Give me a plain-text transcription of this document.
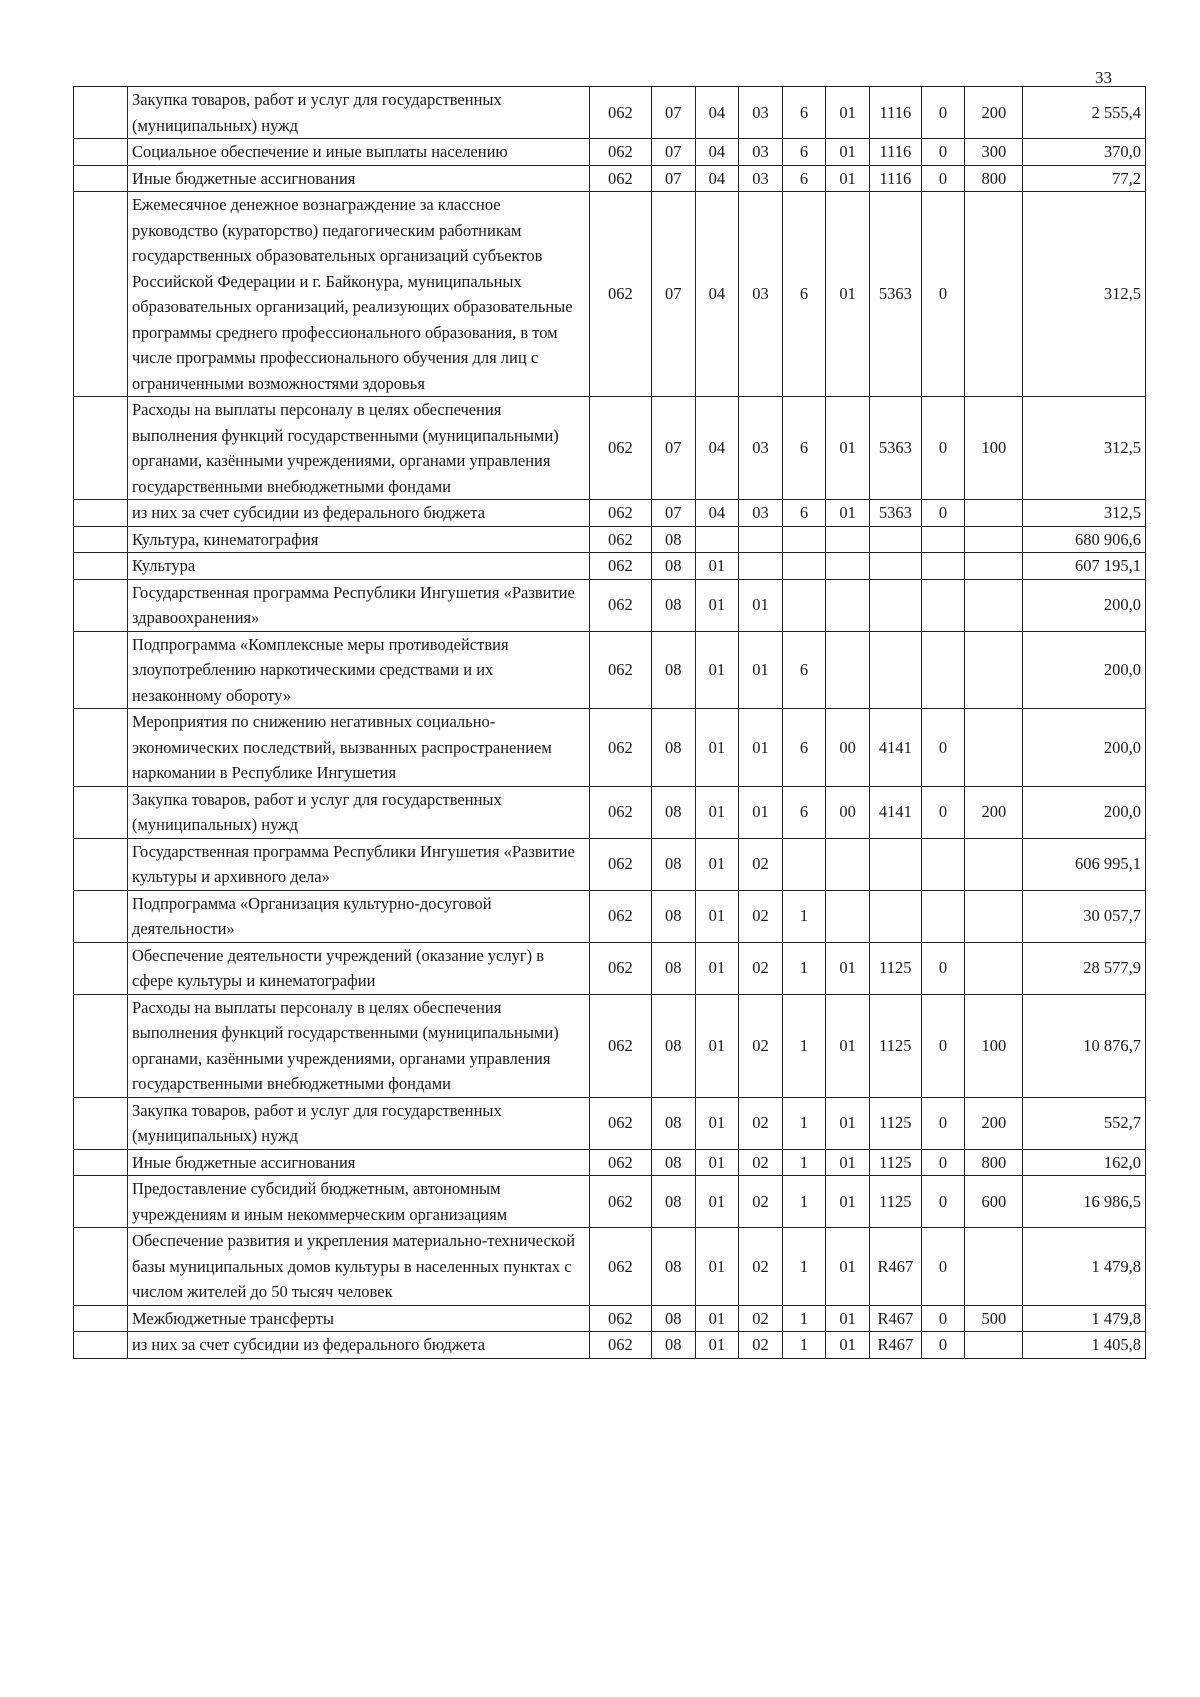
33
	Закупка товаров, работ и услуг для государственных (муниципальных) нужд	062	07	04	03	6	01	1116	0	200	2 555,4
	Социальное обеспечение и иные выплаты населению	062	07	04	03	6	01	1116	0	300	370,0
	Иные бюджетные ассигнования	062	07	04	03	6	01	1116	0	800	77,2
	Ежемесячное денежное вознаграждение за классное руководство (кураторство) педагогическим работникам государственных образовательных организаций субъектов Российской Федерации и г. Байконура, муниципальных образовательных организаций, реализующих образовательные программы среднего профессионального образования, в том числе программы профессионального обучения для лиц с ограниченными возможностями здоровья	062	07	04	03	6	01	5363	0		312,5
	Расходы на выплаты персоналу в целях обеспечения выполнения функций государственными (муниципальными) органами, казёнными учреждениями, органами управления государственными внебюджетными фондами	062	07	04	03	6	01	5363	0	100	312,5
	из них за счет субсидии из федерального бюджета	062	07	04	03	6	01	5363	0		312,5
	Культура, кинематография	062	08								680 906,6
	Культура	062	08	01							607 195,1
	Государственная программа Республики Ингушетия «Развитие здравоохранения»	062	08	01	01						200,0
	Подпрограмма «Комплексные меры противодействия злоупотреблению наркотическими средствами и их незаконному обороту»	062	08	01	01	6					200,0
	Мероприятия по снижению негативных социально-экономических последствий, вызванных распространением наркомании в Республике Ингушетия	062	08	01	01	6	00	4141	0		200,0
	Закупка товаров, работ и услуг для государственных (муниципальных) нужд	062	08	01	01	6	00	4141	0	200	200,0
	Государственная программа Республики Ингушетия «Развитие культуры и архивного дела»	062	08	01	02						606 995,1
	Подпрограмма «Организация культурно-досуговой деятельности»	062	08	01	02	1					30 057,7
	Обеспечение деятельности учреждений (оказание услуг) в сфере культуры и кинематографии	062	08	01	02	1	01	1125	0		28 577,9
	Расходы на выплаты персоналу в целях обеспечения выполнения функций государственными (муниципальными) органами, казёнными учреждениями, органами управления государственными внебюджетными фондами	062	08	01	02	1	01	1125	0	100	10 876,7
	Закупка товаров, работ и услуг для государственных (муниципальных) нужд	062	08	01	02	1	01	1125	0	200	552,7
	Иные бюджетные ассигнования	062	08	01	02	1	01	1125	0	800	162,0
	Предоставление субсидий бюджетным, автономным учреждениям и иным некоммерческим организациям	062	08	01	02	1	01	1125	0	600	16 986,5
	Обеспечение развития и укрепления материально-технической базы муниципальных домов культуры в населенных пунктах с числом жителей до 50 тысяч человек	062	08	01	02	1	01	R467	0		1 479,8
	Межбюджетные трансферты	062	08	01	02	1	01	R467	0	500	1 479,8
	из них за счет субсидии из федерального бюджета	062	08	01	02	1	01	R467	0		1 405,8
